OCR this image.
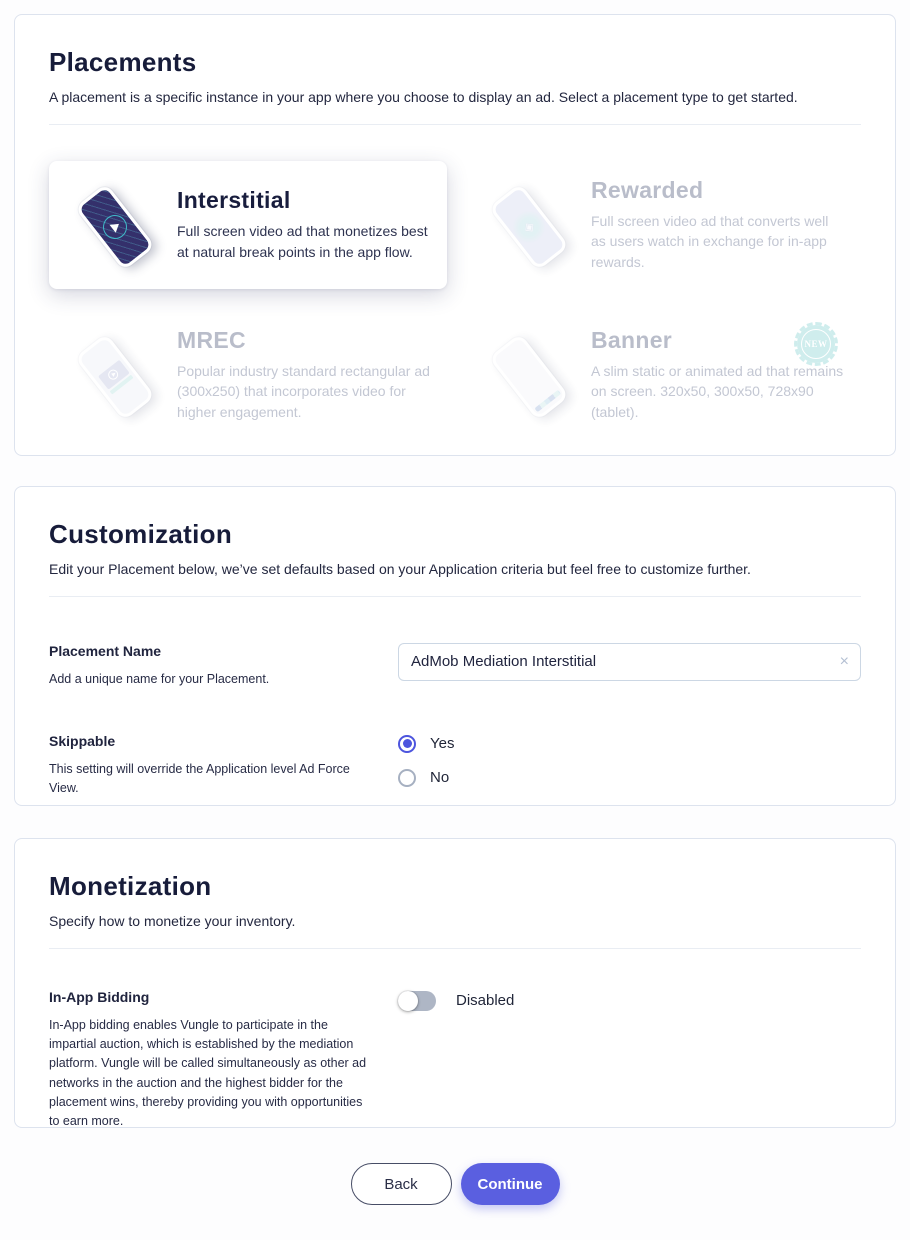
Placements

A placement is a specific instance in your app where you choose to display an ad. Select a placement type to get started.

Interstitial
Full screen video ad that monetizes best at natural break points in the app flow.
◈
Rewarded
Full screen video ad that converts well as users watch in exchange for in-app rewards.
MREC
Popular industry standard rectangular ad (300x250) that incorporates video for higher engagement.
Banner
A slim static or animated ad that remains on screen. 320x50, 300x50, 728x90 (tablet).
NEW
Customization

Edit your Placement below, we’ve set defaults based on your Application criteria but feel free to customize further.

Placement Name
Add a unique name for your Placement.
AdMob Mediation Interstitial
×
Skippable
This setting will override the Application level Ad Force View.
Yes
No
Monetization

Specify how to monetize your inventory.

In-App Bidding
In-App bidding enables Vungle to participate in the impartial auction, which is established by the mediation platform. Vungle will be called simultaneously as other ad networks in the auction and the highest bidder for the placement wins, thereby providing you with opportunities to earn more.
Disabled
Back	Continue
